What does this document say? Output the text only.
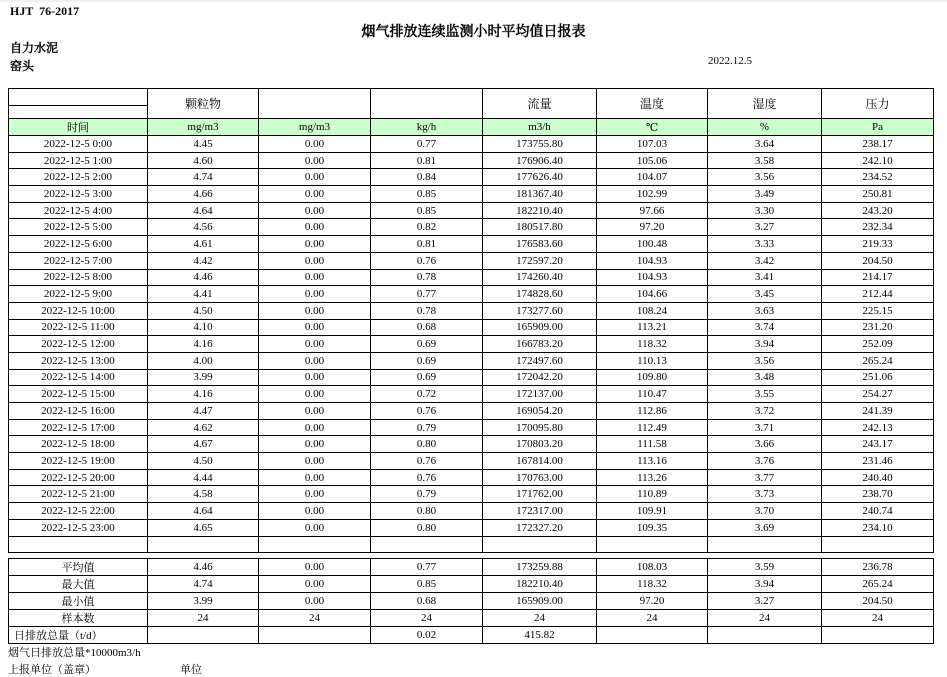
HJT  76-2017
烟气排放连续监测小时平均值日报表
自力水泥
窑头	2022.12.5
	颗粒物			流量	温度	湿度	压力

时间	mg/m3	mg/m3	kg/h	m3/h	℃	%	Pa
2022-12-5 0:00	4.45	0.00	0.77	173755.80	107.03	3.64	238.17
2022-12-5 1:00	4.60	0.00	0.81	176906.40	105.06	3.58	242.10
2022-12-5 2:00	4.74	0.00	0.84	177626.40	104.07	3.56	234.52
2022-12-5 3:00	4.66	0.00	0.85	181367.40	102.99	3.49	250.81
2022-12-5 4:00	4.64	0.00	0.85	182210.40	97.66	3.30	243.20
2022-12-5 5:00	4.56	0.00	0.82	180517.80	97.20	3.27	232.34
2022-12-5 6:00	4.61	0.00	0.81	176583.60	100.48	3.33	219.33
2022-12-5 7:00	4.42	0.00	0.76	172597.20	104.93	3.42	204.50
2022-12-5 8:00	4.46	0.00	0.78	174260.40	104.93	3.41	214.17
2022-12-5 9:00	4.41	0.00	0.77	174828.60	104.66	3.45	212.44
2022-12-5 10:00	4.50	0.00	0.78	173277.60	108.24	3.63	225.15
2022-12-5 11:00	4.10	0.00	0.68	165909.00	113.21	3.74	231.20
2022-12-5 12:00	4.16	0.00	0.69	166783.20	118.32	3.94	252.09
2022-12-5 13:00	4.00	0.00	0.69	172497.60	110.13	3.56	265.24
2022-12-5 14:00	3.99	0.00	0.69	172042.20	109.80	3.48	251.06
2022-12-5 15:00	4.16	0.00	0.72	172137.00	110.47	3.55	254.27
2022-12-5 16:00	4.47	0.00	0.76	169054.20	112.86	3.72	241.39
2022-12-5 17:00	4.62	0.00	0.79	170095.80	112.49	3.71	242.13
2022-12-5 18:00	4.67	0.00	0.80	170803.20	111.58	3.66	243.17
2022-12-5 19:00	4.50	0.00	0.76	167814.00	113.16	3.76	231.46
2022-12-5 20:00	4.44	0.00	0.76	170763.00	113.26	3.77	240.40
2022-12-5 21:00	4.58	0.00	0.79	171762.00	110.89	3.73	238.70
2022-12-5 22:00	4.64	0.00	0.80	172317.00	109.91	3.70	240.74
2022-12-5 23:00	4.65	0.00	0.80	172327.20	109.35	3.69	234.10

平均值	4.46	0.00	0.77	173259.88	108.03	3.59	236.78
最大值	4.74	0.00	0.85	182210.40	118.32	3.94	265.24
最小值	3.99	0.00	0.68	165909.00	97.20	3.27	204.50
样本数	24	24	24	24	24	24	24
日排放总量（t/d）			0.02	415.82			
烟气日排放总量*10000m3/h
上报单位（盖章）	单位
